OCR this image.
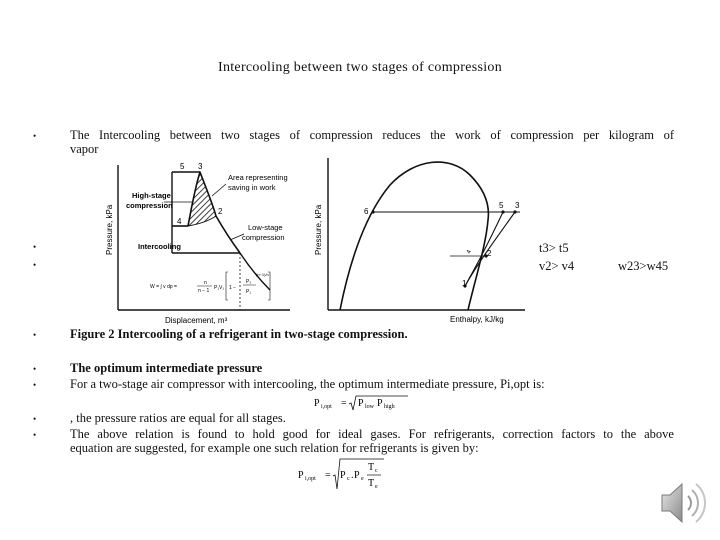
Intercooling between two stages of compression
•	The Intercooling between two stages of compression reduces the work of compression per kilogram of
vapor
Pressure, kPa
5 3
4
2
Area representing
saving in work
High-stage
compression
Low-stage
compression
Intercooling
W = ∫ v dp =
n
n − 1 P₁V₁ 1 −
P₂
P₁
(n−1)/n
Displacement, m³
Pressure, kPa	6
5 3
4 2
1
Enthalpy, kJ/kg
•
•
t3> t5
v2> v4	w23>w45
•	Figure 2 Intercooling of a refrigerant in two-stage compression.
•	The optimum intermediate pressure
•	For a two-stage air compressor with intercooling, the optimum intermediate pressure, Pi,opt is:
P i,opt = P low P high
•	, the pressure ratios are equal for all stages.
•	The above relation is found to hold good for ideal gases. For refrigerants, correction factors to the above
equation are suggested, for example one such relation for refrigerants is given by:
P i,opt = P c . P e
T c
T e
